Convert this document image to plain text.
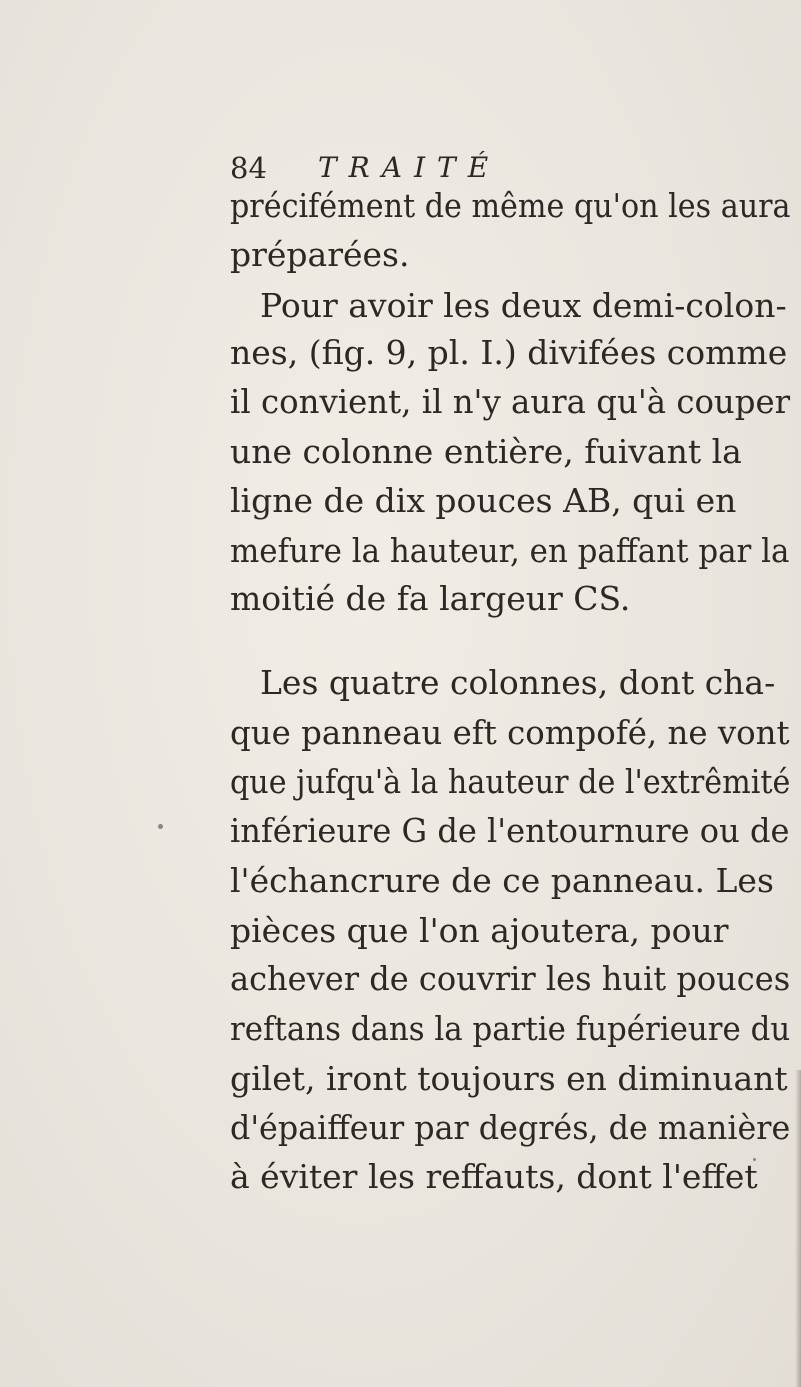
84 TRAITÉ
précifément de même qu'on les aura
préparées.
Pour avoir les deux demi-colon-
nes, (fig. 9, pl. I.) divifées comme
il convient, il n'y aura qu'à couper
une colonne entière, fuivant la
ligne de dix pouces AB, qui en
mefure la hauteur, en paffant par la
moitié de fa largeur CS.
Les quatre colonnes, dont cha-
que panneau eft compofé, ne vont
que jufqu'à la hauteur de l'extrêmité
inférieure G de l'entournure ou de
l'échancrure de ce panneau. Les
pièces que l'on ajoutera, pour
achever de couvrir les huit pouces
reftans dans la partie fupérieure du
gilet, iront toujours en diminuant
d'épaiffeur par degrés, de manière
à éviter les reffauts, dont l'effet
